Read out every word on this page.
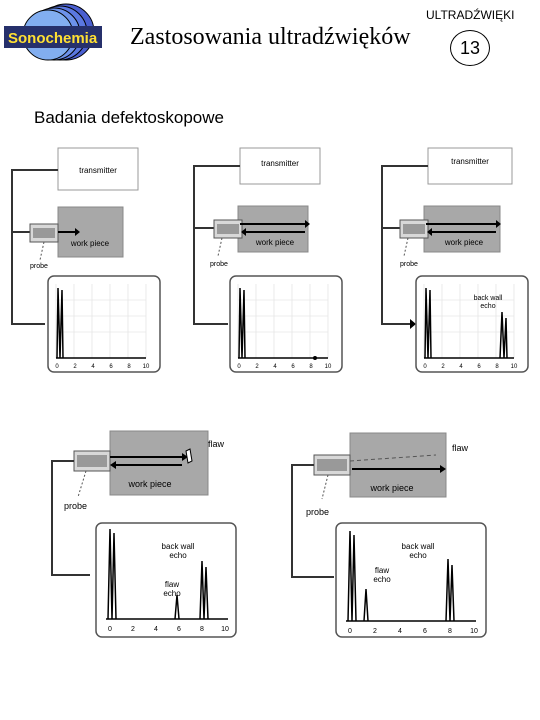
Sonochemia Zastosowania ultradźwięków
ULTRADŹWIĘKI
13
Badania defektoskopowe
transmitter
work piece
probe
0 2 4 6 8 10
transmitter
work piece
probe
0 2 4 6 8 10
transmitter
work piece
probe
back wall
echo
0 2 4 6 8 10
flaw
work piece
probe
back wall
echo
flaw
echo
0	2	4	6	8 10
flaw
work piece
probe
back wall
echo
flaw
echo
0	2	4	6	8	10
